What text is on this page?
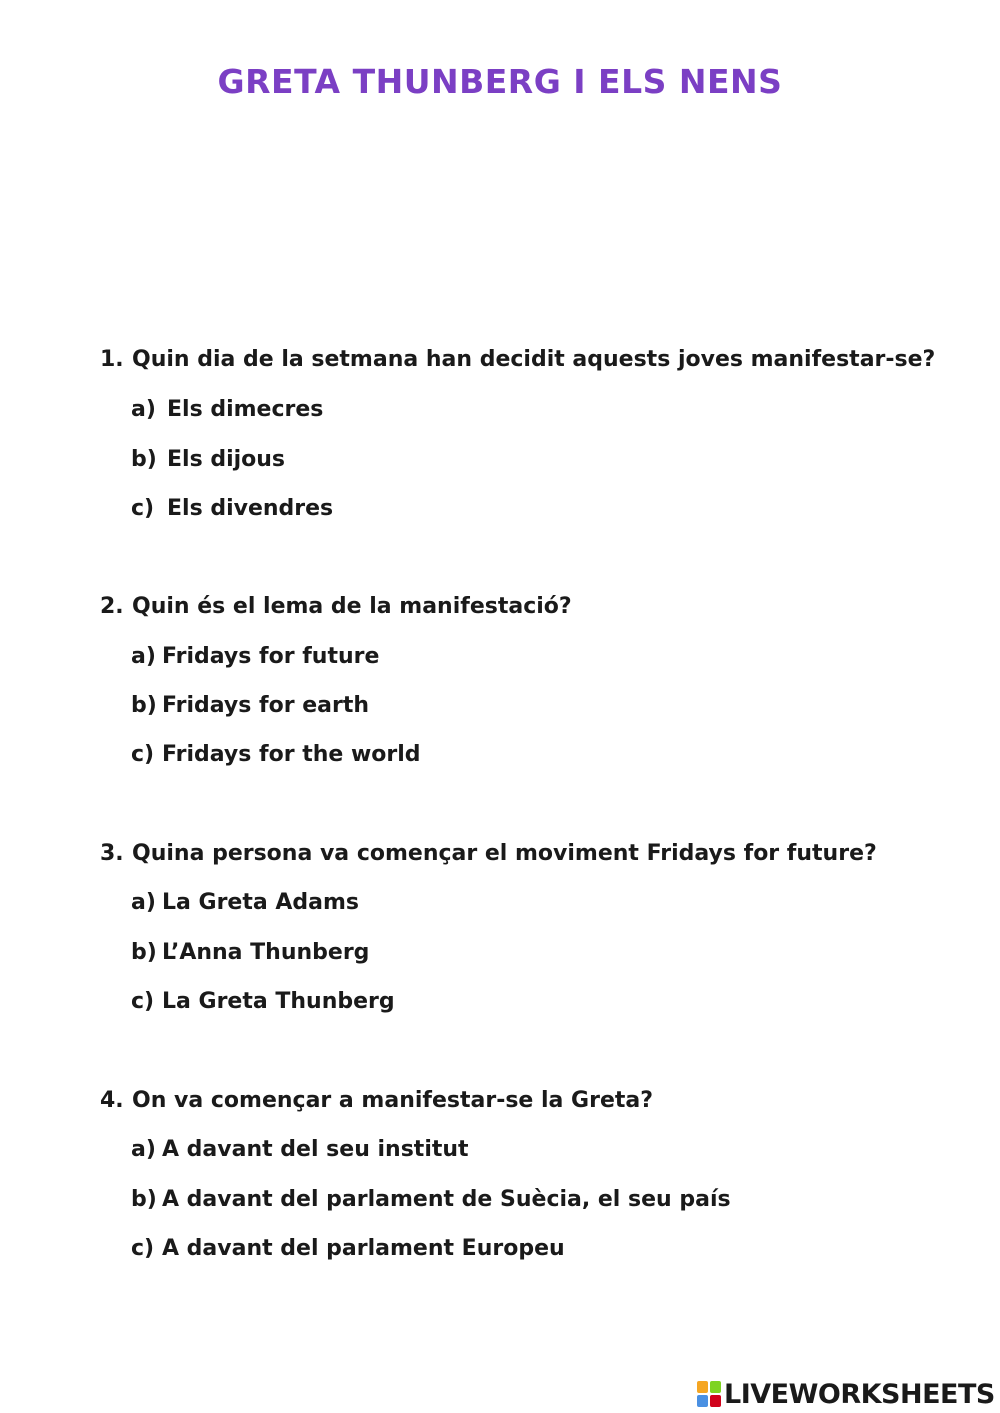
GRETA THUNBERG I ELS NENS
1. Quin dia de la setmana han decidit aquests joves manifestar-se?
a) Els dimecres
b) Els dijous
c) Els divendres
2. Quin és el lema de la manifestació?
a) Fridays for future
b) Fridays for earth
c) Fridays for the world
3. Quina persona va començar el moviment Fridays for future?
a) La Greta Adams
b) L’Anna Thunberg
c) La Greta Thunberg
4. On va començar a manifestar-se la Greta?
a) A davant del seu institut
b) A davant del parlament de Suècia, el seu país
c) A davant del parlament Europeu
LIVEWORKSHEETS
